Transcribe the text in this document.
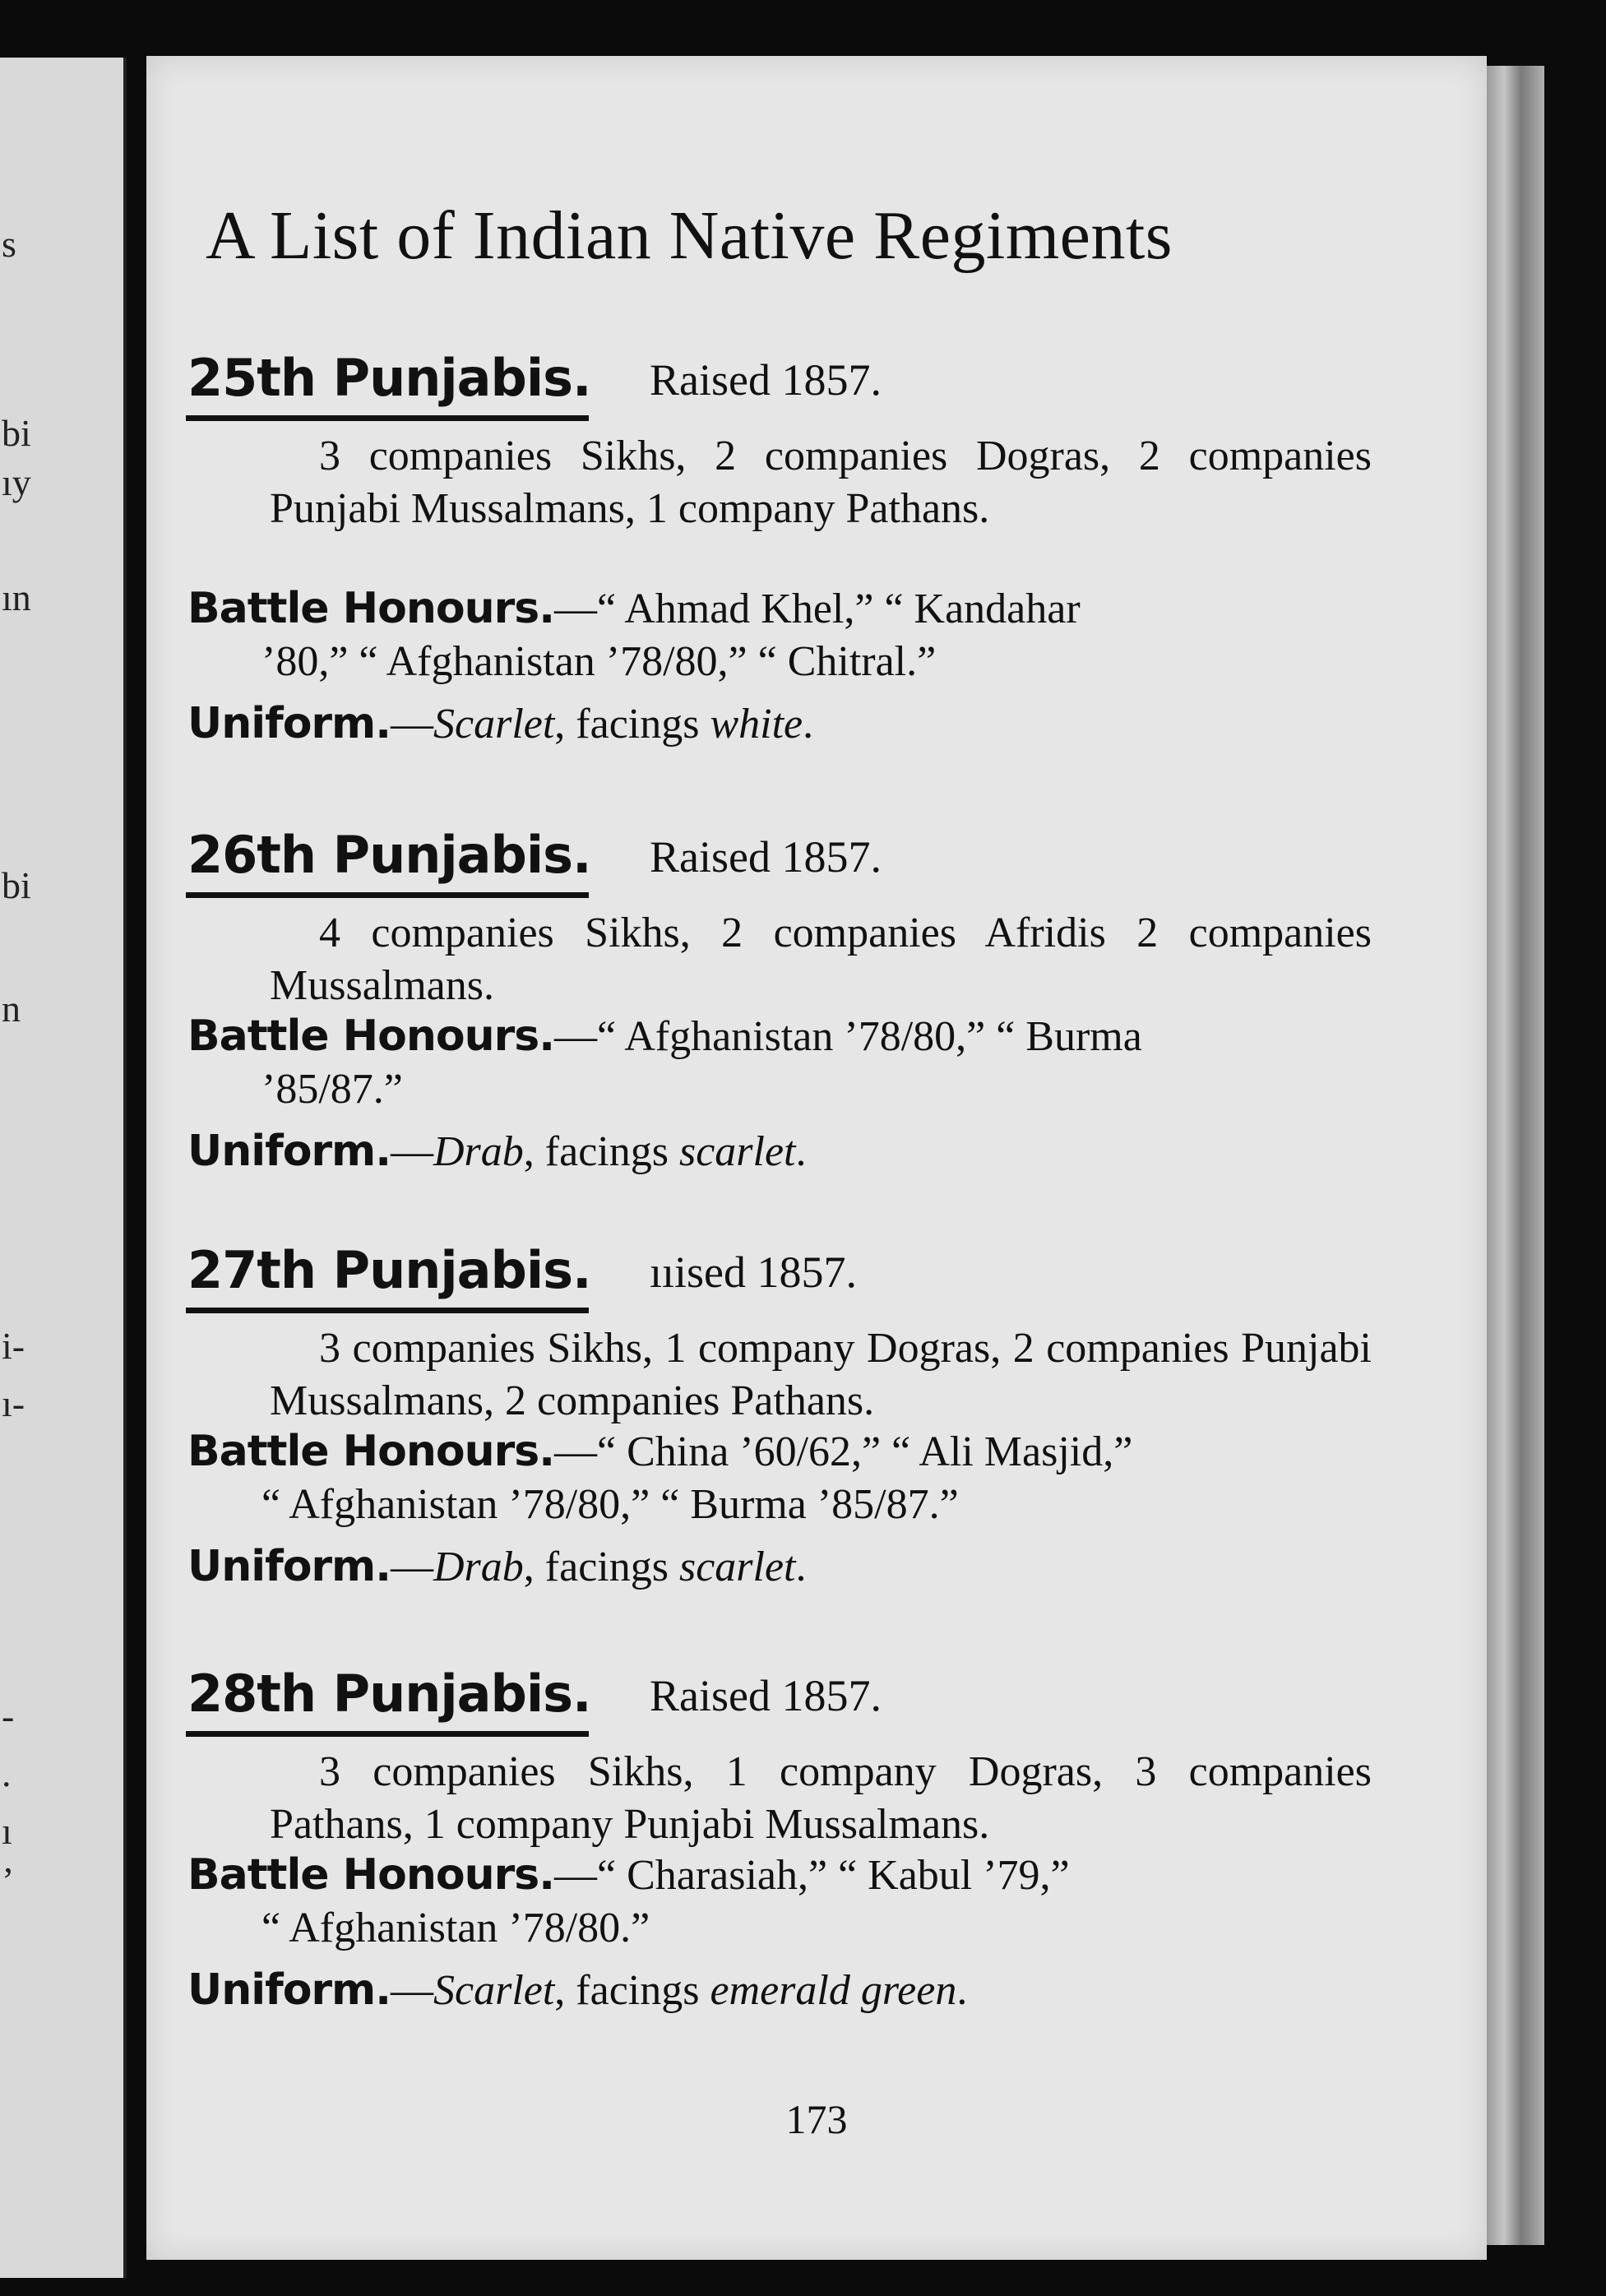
s
bi
ıy
ın
bi
n
i-
ı-
-
.
ı
’
A List of Indian Native Regiments
25th Punjabis. Raised 1857.
3 companies Sikhs, 2 companies Dogras, 2 companies Punjabi Mussalmans, 1 company Pathans.
Battle Honours.—“ Ahmad Khel,” “ Kandahar
’80,” “ Afghanistan ’78/80,” “ Chitral.”
Uniform.—Scarlet, facings white.
26th Punjabis. Raised 1857.
4 companies Sikhs, 2 companies Afridis 2 companies Mussalmans.
Battle Honours.—“ Afghanistan ’78/80,” “ Burma
’85/87.”
Uniform.—Drab, facings scarlet.
27th Punjabis. ııised 1857.
3 companies Sikhs, 1 company Dogras, 2 companies Punjabi Mussalmans, 2 companies Pathans.
Battle Honours.—“ China ’60/62,” “ Ali Masjid,”
“ Afghanistan ’78/80,” “ Burma ’85/87.”
Uniform.—Drab, facings scarlet.
28th Punjabis. Raised 1857.
3 companies Sikhs, 1 company Dogras, 3 companies Pathans, 1 company Punjabi Mussalmans.
Battle Honours.—“ Charasiah,” “ Kabul ’79,”
“ Afghanistan ’78/80.”
Uniform.—Scarlet, facings emerald green.
173
